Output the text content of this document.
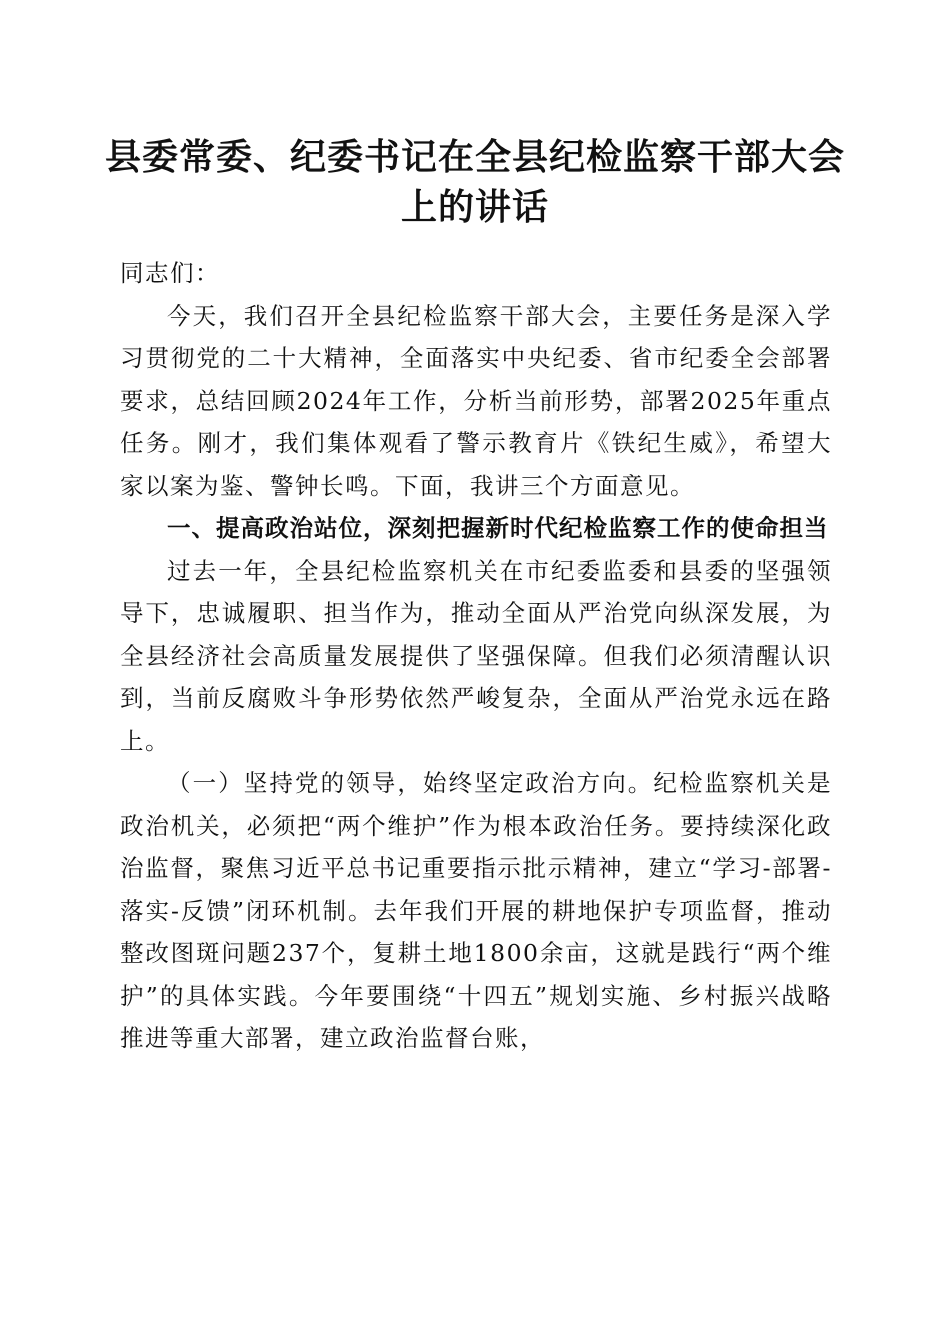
县委常委、纪委书记在全县纪检监察干部大会上的讲话

同志们：

今天，我们召开全县纪检监察干部大会，主要任务是深入学习贯彻党的二十大精神，全面落实中央纪委、省市纪委全会部署要求，总结回顾2024年工作，分析当前形势，部署2025年重点任务。刚才，我们集体观看了警示教育片《铁纪生威》，希望大家以案为鉴、警钟长鸣。下面，我讲三个方面意见。

一、提高政治站位，深刻把握新时代纪检监察工作的使命担当

过去一年，全县纪检监察机关在市纪委监委和县委的坚强领导下，忠诚履职、担当作为，推动全面从严治党向纵深发展，为全县经济社会高质量发展提供了坚强保障。但我们必须清醒认识到，当前反腐败斗争形势依然严峻复杂，全面从严治党永远在路上。

（一）坚持党的领导，始终坚定政治方向。纪检监察机关是政治机关，必须把“两个维护”作为根本政治任务。要持续深化政治监督，聚焦习近平总书记重要指示批示精神，建立“学习-部署-落实-反馈”闭环机制。去年我们开展的耕地保护专项监督，推动整改图斑问题237个，复耕土地1800余亩，这就是践行“两个维护”的具体实践。今年要围绕“十四五”规划实施、乡村振兴战略推进等重大部署，建立政治监督台账，
